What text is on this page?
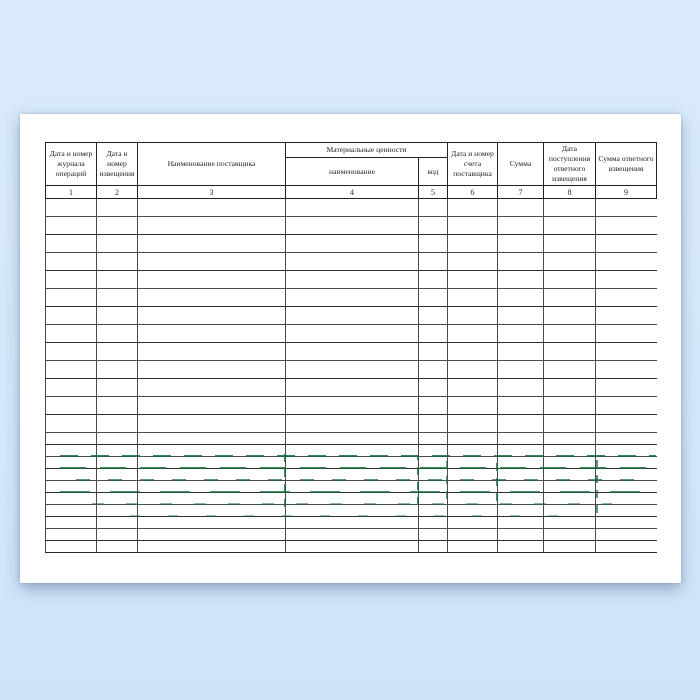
Дата и номер журнала операций	Дата и номер извещения	Наименование поставщика	Материальные ценности		Дата и номер счета поставщика	Сумма	Дата поступления ответного извещения	Сумма ответного извещения
			наименование	код				
1	2	3	4	5	6	7	8	9
